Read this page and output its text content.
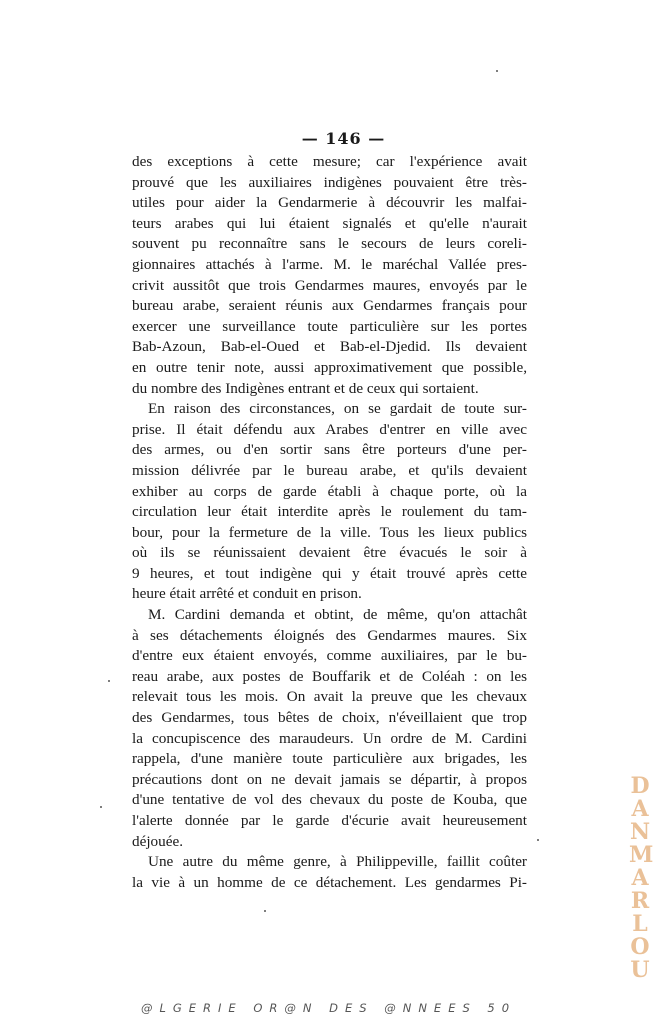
— 146 —
des exceptions à cette mesure; car l'expérience avait
prouvé que les auxiliaires indigènes pouvaient être très-
utiles pour aider la Gendarmerie à découvrir les malfai-
teurs arabes qui lui étaient signalés et qu'elle n'aurait
souvent pu reconnaître sans le secours de leurs coreli-
gionnaires attachés à l'arme. M. le maréchal Vallée pres-
crivit aussitôt que trois Gendarmes maures, envoyés par le
bureau arabe, seraient réunis aux Gendarmes français pour
exercer une surveillance toute particulière sur les portes
Bab-Azoun, Bab-el-Oued et Bab-el-Djedid. Ils devaient
en outre tenir note, aussi approximativement que possible,
du nombre des Indigènes entrant et de ceux qui sortaient.
En raison des circonstances, on se gardait de toute sur-
prise. Il était défendu aux Arabes d'entrer en ville avec
des armes, ou d'en sortir sans être porteurs d'une per-
mission délivrée par le bureau arabe, et qu'ils devaient
exhiber au corps de garde établi à chaque porte, où la
circulation leur était interdite après le roulement du tam-
bour, pour la fermeture de la ville. Tous les lieux publics
où ils se réunissaient devaient être évacués le soir à
9 heures, et tout indigène qui y était trouvé après cette
heure était arrêté et conduit en prison.
M. Cardini demanda et obtint, de même, qu'on attachât
à ses détachements éloignés des Gendarmes maures. Six
d'entre eux étaient envoyés, comme auxiliaires, par le bu-
reau arabe, aux postes de Bouffarik et de Coléah : on les
relevait tous les mois. On avait la preuve que les chevaux
des Gendarmes, tous bêtes de choix, n'éveillaient que trop
la concupiscence des maraudeurs. Un ordre de M. Cardini
rappela, d'une manière toute particulière aux brigades, les
précautions dont on ne devait jamais se départir, à propos
d'une tentative de vol des chevaux du poste de Kouba, que
l'alerte donnée par le garde d'écurie avait heureusement
déjouée.
Une autre du même genre, à Philippeville, faillit coûter
la vie à un homme de ce détachement. Les gendarmes Pi-
D
A
N
M
A
R
L
O
U
@LGERIE OR@N DES @NNEES 50
